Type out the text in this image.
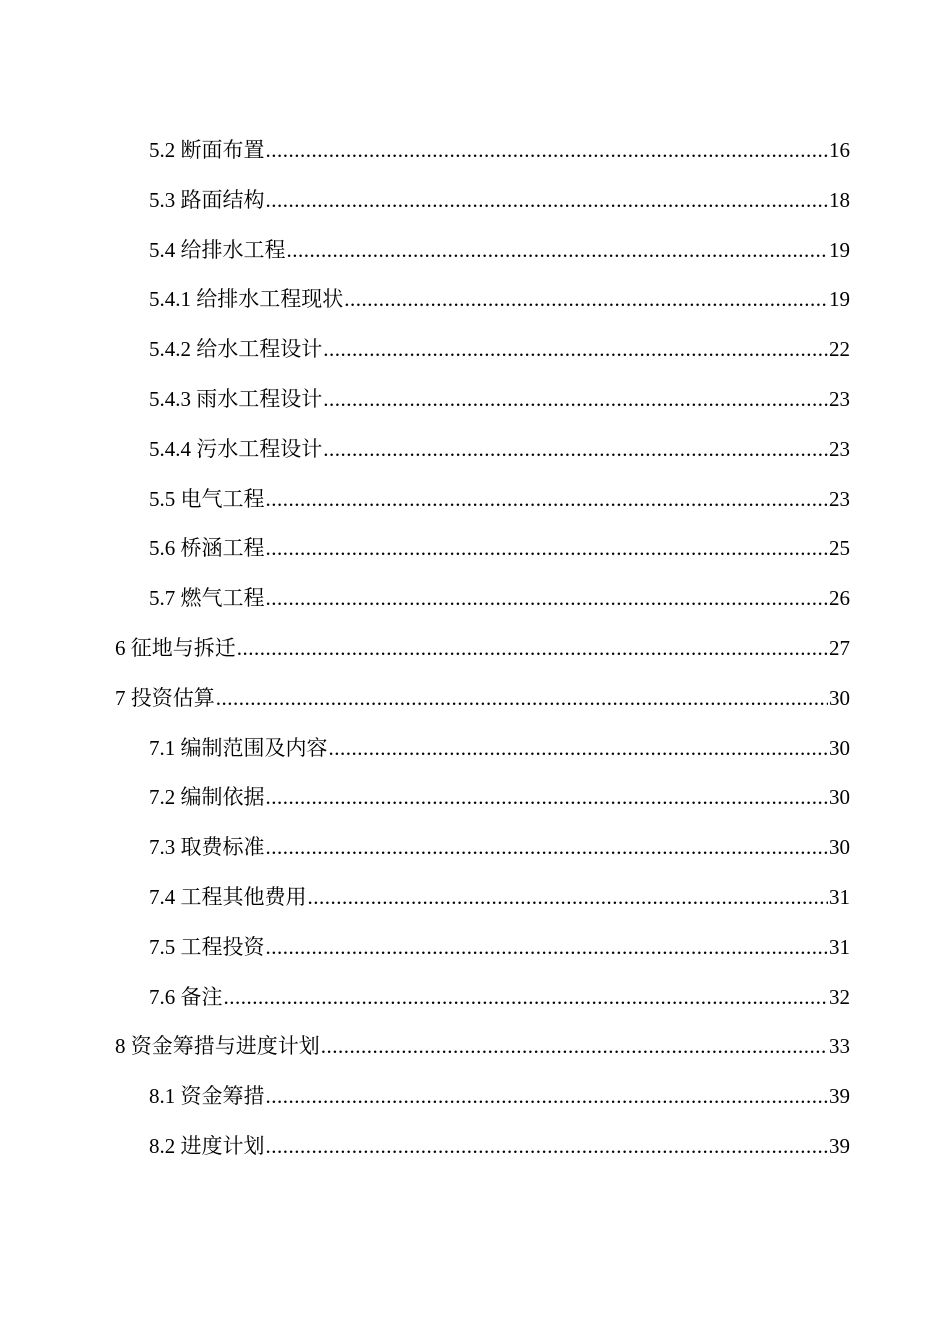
5.2 断面布置 .....	16
5.3 路面结构 .....	18
5.4 给排水工程 .....	19
5.4.1 给排水工程现状 .....	19
5.4.2 给水工程设计 .....	22
5.4.3 雨水工程设计 .....	23
5.4.4 污水工程设计 .....	23
5.5 电气工程 .....	23
5.6 桥涵工程 .....	25
5.7 燃气工程 .....	26
6 征地与拆迁 .....	27
7 投资估算 .....	30
7.1 编制范围及内容 .....	30
7.2 编制依据 .....	30
7.3 取费标准 .....	30
7.4 工程其他费用 .....	31
7.5 工程投资 .....	31
7.6 备注 .....	32
8 资金筹措与进度计划 .....	33
8.1 资金筹措 .....	39
8.2 进度计划 .....	39
